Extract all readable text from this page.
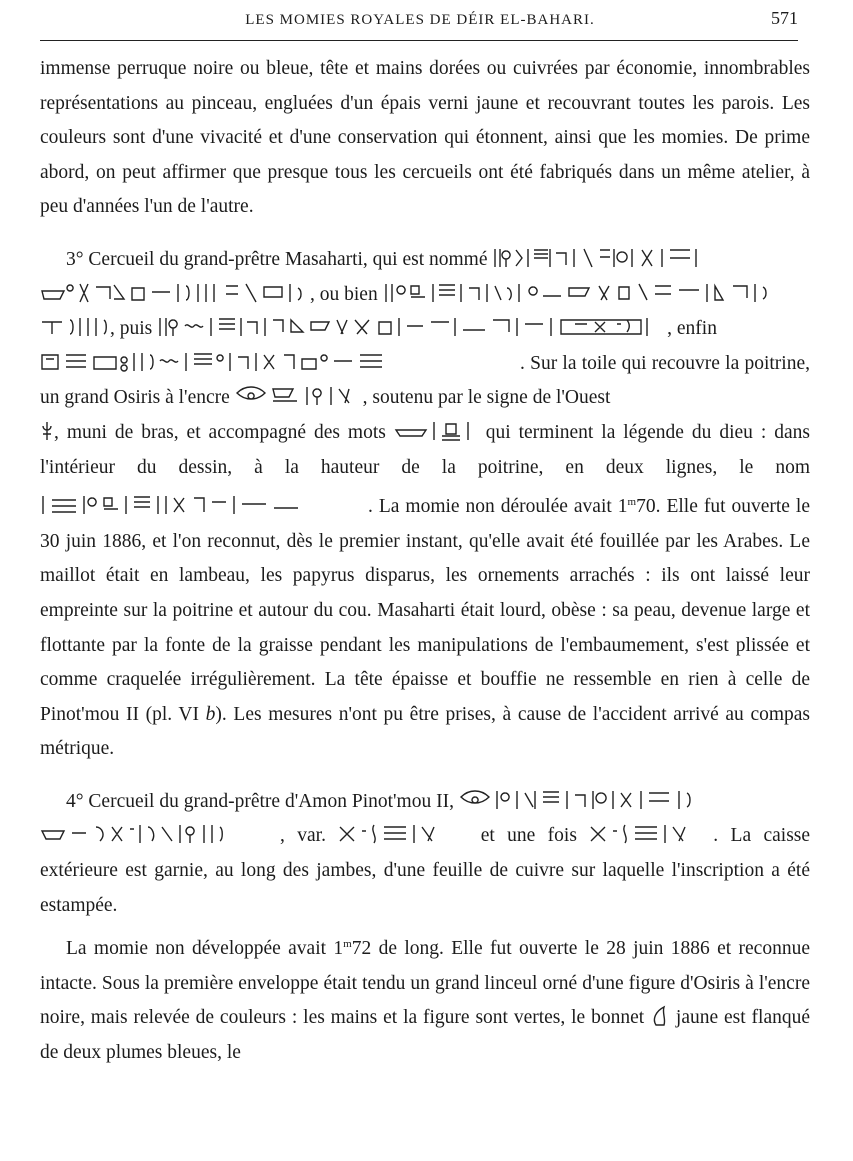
LES MOMIES ROYALES DE DÉIR EL-BAHARI.	571

immense perruque noire ou bleue, tête et mains dorées ou cuivrées par économie, innombrables représentations au pinceau, engluées d'un épais verni jaune et recouvrant toutes les parois. Les couleurs sont d'une vivacité et d'une conservation qui étonnent, ainsi que les momies. De prime abord, on peut affirmer que presque tous les cercueils ont été fabriqués dans un même atelier, à peu d'années l'un de l'autre.

3° Cercueil du grand-prêtre Masaharti, qui est nommé

, ou bien

, puis	, enfin

. Sur la toile qui recouvre la poitrine, un grand Osiris à l'encre	, soutenu par le signe de l'Ouest

, muni de bras, et accompagné des mots	qui terminent la légende du dieu : dans l'intérieur du dessin, à la hauteur de la poitrine, en deux lignes, le nom
. La momie non déroulée avait 1$^m$70. Elle fut ouverte le 30 juin 1886, et l'on reconnut, dès le premier instant, qu'elle avait été fouillée par les Arabes. Le maillot était en lambeau, les papyrus disparus, les ornements arrachés : ils ont laissé leur empreinte sur la poitrine et autour du cou. Masaharti était lourd, obèse : sa peau, devenue large et flottante par la fonte de la graisse pendant les manipulations de l'embaumement, s'est plissée et comme craquelée irrégulièrement. La tête épaisse et bouffie ne ressemble en rien à celle de Pinot'mou II (pl. VI b). Les mesures n'ont pu être prises, à cause de l'accident arrivé au compas métrique.

4° Cercueil du grand-prêtre d'Amon Pinot'mou II,

, var.	et une fois	. La caisse extérieure est garnie, au long des jambes, d'une feuille de cuivre sur laquelle l'inscription a été estampée.

La momie non développée avait 1$^m$72 de long. Elle fut ouverte le 28 juin 1886 et reconnue intacte. Sous la première enveloppe était tendu un grand linceul orné d'une figure d'Osiris à l'encre noire, mais relevée de couleurs : les mains et la figure sont vertes, le bonnet jaune est flanqué de deux plumes bleues, le
